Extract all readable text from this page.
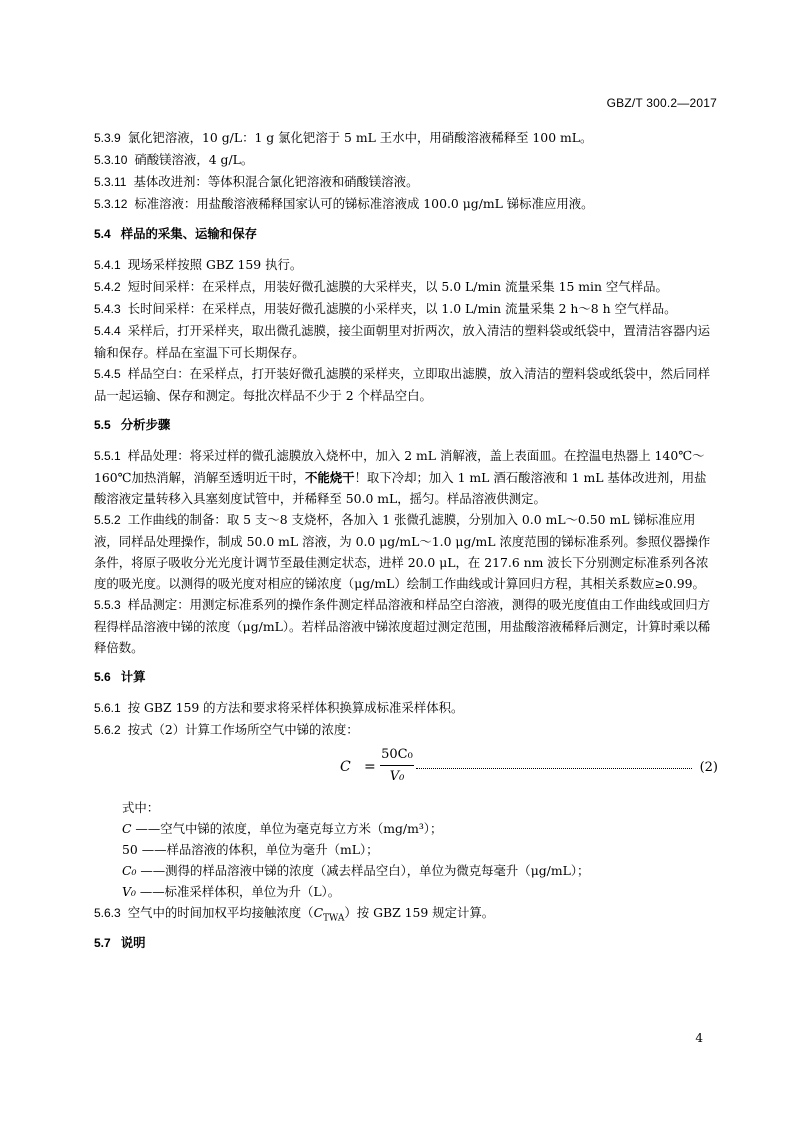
GBZ/T 300.2—2017

5.3.9 氯化钯溶液，10 g/L：1 g 氯化钯溶于 5 mL 王水中，用硝酸溶液稀释至 100 mL。

5.3.10 硝酸镁溶液，4 g/L。

5.3.11 基体改进剂：等体积混合氯化钯溶液和硝酸镁溶液。

5.3.12 标准溶液：用盐酸溶液稀释国家认可的锑标准溶液成 100.0 μg/mL 锑标准应用液。

5.4 样品的采集、运输和保存

5.4.1 现场采样按照 GBZ 159 执行。

5.4.2 短时间采样：在采样点，用装好微孔滤膜的大采样夹，以 5.0 L/min 流量采集 15 min 空气样品。

5.4.3 长时间采样：在采样点，用装好微孔滤膜的小采样夹，以 1.0 L/min 流量采集 2 h～8 h 空气样品。

5.4.4 采样后，打开采样夹，取出微孔滤膜，接尘面朝里对折两次，放入清洁的塑料袋或纸袋中，置清洁容器内运输和保存。样品在室温下可长期保存。

5.4.5 样品空白：在采样点，打开装好微孔滤膜的采样夹，立即取出滤膜，放入清洁的塑料袋或纸袋中，然后同样品一起运输、保存和测定。每批次样品不少于 2 个样品空白。

5.5 分析步骤

5.5.1 样品处理：将采过样的微孔滤膜放入烧杯中，加入 2 mL 消解液，盖上表面皿。在控温电热器上 140℃～160℃加热消解，消解至透明近干时，不能烧干！取下冷却；加入 1 mL 酒石酸溶液和 1 mL 基体改进剂，用盐酸溶液定量转移入具塞刻度试管中，并稀释至 50.0 mL，摇匀。样品溶液供测定。

5.5.2 工作曲线的制备：取 5 支～8 支烧杯，各加入 1 张微孔滤膜，分别加入 0.0 mL～0.50 mL 锑标准应用液，同样品处理操作，制成 50.0 mL 溶液，为 0.0 μg/mL～1.0 μg/mL 浓度范围的锑标准系列。参照仪器操作条件，将原子吸收分光光度计调节至最佳测定状态，进样 20.0 μL，在 217.6 nm 波长下分别测定标准系列各浓度的吸光度。以测得的吸光度对相应的锑浓度（μg/mL）绘制工作曲线或计算回归方程，其相关系数应≥0.99。

5.5.3 样品测定：用测定标准系列的操作条件测定样品溶液和样品空白溶液，测得的吸光度值由工作曲线或回归方程得样品溶液中锑的浓度（μg/mL）。若样品溶液中锑浓度超过测定范围，用盐酸溶液稀释后测定，计算时乘以稀释倍数。

5.6 计算

5.6.1 按 GBZ 159 的方法和要求将采样体积换算成标准采样体积。

5.6.2 按式（2）计算工作场所空气中锑的浓度：

$C = \frac{\text{50C₀}}{\text{V₀}}$	(2)

式中：

C ——空气中锑的浓度，单位为毫克每立方米（mg/m³）；

50 ——样品溶液的体积，单位为毫升（mL）；

C₀ ——测得的样品溶液中锑的浓度（减去样品空白），单位为微克每毫升（μg/mL）；

V₀ ——标准采样体积，单位为升（L）。

5.6.3 空气中的时间加权平均接触浓度$(C_{TWA})$按 GBZ 159 规定计算。

5.7 说明

4
